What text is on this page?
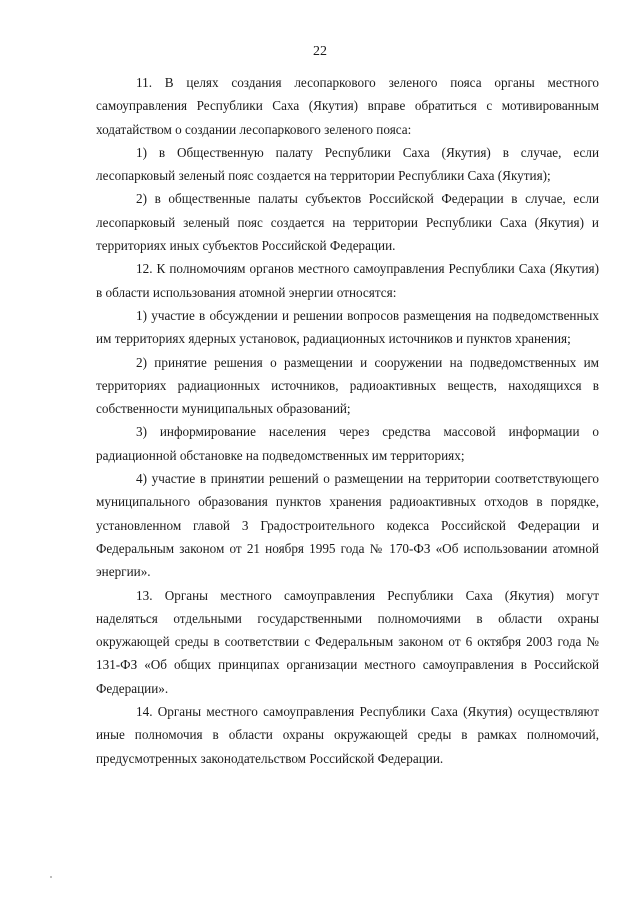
22

11. В целях создания лесопаркового зеленого пояса органы местного самоуправления Республики Саха (Якутия) вправе обратиться с мотивированным ходатайством о создании лесопаркового зеленого пояса:

1) в Общественную палату Республики Саха (Якутия) в случае, если лесопарковый зеленый пояс создается на территории Республики Саха (Якутия);

2) в общественные палаты субъектов Российской Федерации в случае, если лесопарковый зеленый пояс создается на территории Республики Саха (Якутия) и территориях иных субъектов Российской Федерации.

12. К полномочиям органов местного самоуправления Республики Саха (Якутия) в области использования атомной энергии относятся:

1) участие в обсуждении и решении вопросов размещения на подведомственных им территориях ядерных установок, радиационных источников и пунктов хранения;

2) принятие решения о размещении и сооружении на подведомственных им территориях радиационных источников, радиоактивных веществ, находящихся в собственности муниципальных образований;

3) информирование населения через средства массовой информации о радиационной обстановке на подведомственных им территориях;

4) участие в принятии решений о размещении на территории соответствующего муниципального образования пунктов хранения радиоактивных отходов в порядке, установленном главой 3 Градостроительного кодекса Российской Федерации и Федеральным законом от 21 ноября 1995 года № 170-ФЗ «Об использовании атомной энергии».

13. Органы местного самоуправления Республики Саха (Якутия) могут наделяться отдельными государственными полномочиями в области охраны окружающей среды в соответствии с Федеральным законом от 6 октября 2003 года № 131-ФЗ «Об общих принципах организации местного самоуправления в Российской Федерации».

14. Органы местного самоуправления Республики Саха (Якутия) осуществляют иные полномочия в области охраны окружающей среды в рамках полномочий, предусмотренных законодательством Российской Федерации.
